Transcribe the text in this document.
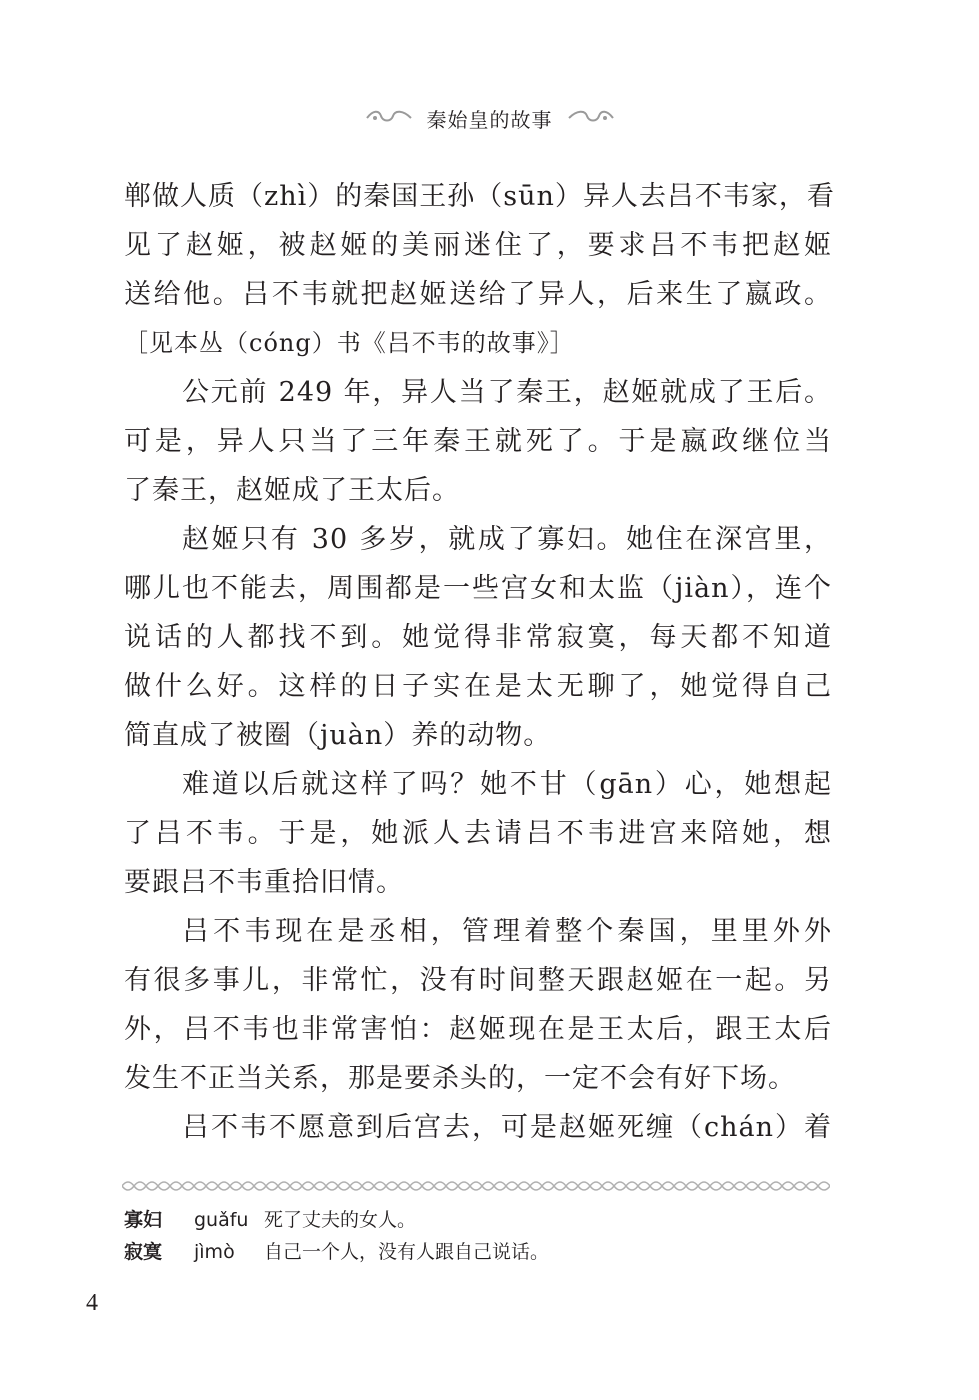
秦始皇的故事
郸做人质（zhì）的秦国王孙（sūn）异人去吕不韦家，看
见了赵姬，被赵姬的美丽迷住了，要求吕不韦把赵姬
送给他。吕不韦就把赵姬送给了异人，后来生了嬴政。
［见本丛（cóng）书《吕不韦的故事》］
公元前 249 年，异人当了秦王，赵姬就成了王后。
可是，异人只当了三年秦王就死了。于是嬴政继位当
了秦王，赵姬成了王太后。
赵姬只有 30 多岁，就成了寡妇。她住在深宫里，
哪儿也不能去，周围都是一些宫女和太监（jiàn），连个
说话的人都找不到。她觉得非常寂寞，每天都不知道
做什么好。这样的日子实在是太无聊了，她觉得自己
简直成了被圈（juàn）养的动物。
难道以后就这样了吗？她不甘（gān）心，她想起
了吕不韦。于是，她派人去请吕不韦进宫来陪她，想
要跟吕不韦重拾旧情。
吕不韦现在是丞相，管理着整个秦国，里里外外
有很多事儿，非常忙，没有时间整天跟赵姬在一起。另
外，吕不韦也非常害怕：赵姬现在是王太后，跟王太后
发生不正当关系，那是要杀头的，一定不会有好下场。
吕不韦不愿意到后宫去，可是赵姬死缠（chán）着
寡妇	guǎfu 死了丈夫的女人。
寂寞	jìmò	自己一个人，没有人跟自己说话。
4
